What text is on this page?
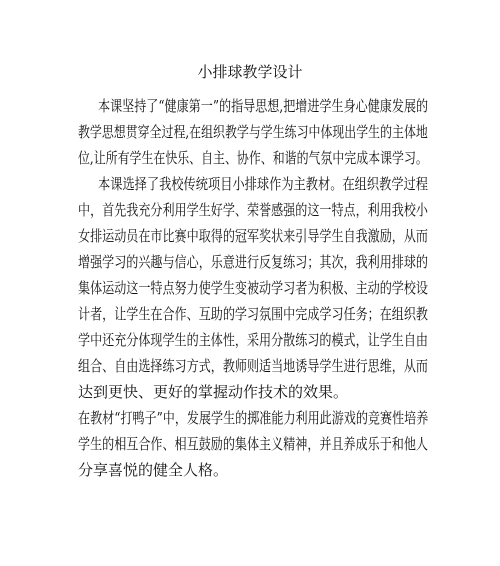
小排球教学设计

本课坚持了“健康第一”的指导思想,把增进学生身心健康发展的

教学思想贯穿全过程,在组织教学与学生练习中体现出学生的主体地

位,让所有学生在快乐、自主、协作、和谐的气氛中完成本课学习。

本课选择了我校传统项目小排球作为主教材。在组织教学过程

中，首先我充分利用学生好学、荣誉感强的这一特点，利用我校小

女排运动员在市比赛中取得的冠军奖状来引导学生自我激励，从而

增强学习的兴趣与信心，乐意进行反复练习；其次，我利用排球的

集体运动这一特点努力使学生变被动学习者为积极、主动的学校设

计者，让学生在合作、互助的学习氛围中完成学习任务；在组织教

学中还充分体现学生的主体性，采用分散练习的模式，让学生自由

组合、自由选择练习方式，教师则适当地诱导学生进行思维，从而

达到更快、更好的掌握动作技术的效果。

在教材“打鸭子”中，发展学生的掷准能力利用此游戏的竞赛性培养

学生的相互合作、相互鼓励的集体主义精神，并且养成乐于和他人

分享喜悦的健全人格。
